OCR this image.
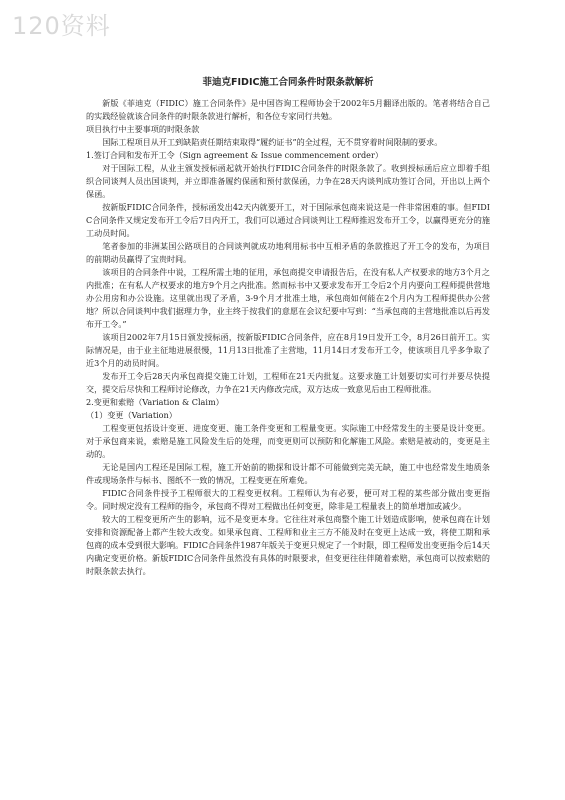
120资料
菲迪克FIDIC施工合同条件时限条款解析

新版《菲迪克（FIDIC）施工合同条件》是中国咨询工程师协会于2002年5月翻译出版的。笔者将结合自己的实践经验就该合同条件的时限条款进行解析，和各位专家同行共勉。

项目执行中主要事项的时限条款

国际工程项目从开工到缺陷责任期结束取得“履约证书”的全过程，无不贯穿着时间限制的要求。

1.签订合同和发布开工令（Sign agreement & Issue commencement order）

对于国际工程，从业主颁发授标函起就开始执行FIDIC合同条件的时限条款了。收到授标函后应立即着手组织合同谈判人员出国谈判，并立即准备履约保函和预付款保函，力争在28天内谈判成功签订合同，开出以上两个保函。

按新版FIDIC合同条件，授标函发出42天内就要开工，对于国际承包商来说这是一件非常困难的事。但FIDIC合同条件又规定发布开工令后7日内开工，我们可以通过合同谈判让工程师推迟发布开工令，以赢得更充分的施工动员时间。

笔者参加的非洲某国公路项目的合同谈判就成功地利用标书中互相矛盾的条款推迟了开工令的发布，为项目的前期动员赢得了宝贵时间。

该项目的合同条件中说，工程所需土地的征用，承包商提交申请报告后，在没有私人产权要求的地方3个月之内批准；在有私人产权要求的地方9个月之内批准。然而标书中又要求发布开工令后2个月内要向工程师提供营地办公用房和办公设施。这里就出现了矛盾，3-9个月才批准土地，承包商如何能在2个月内为工程师提供办公营地？所以合同谈判中我们据理力争，业主终于按我们的意愿在会议纪要中写到：“当承包商的主营地批准以后再发布开工令。”

该项目2002年7月15日颁发授标函，按新版FIDIC合同条件，应在8月19日发开工令，8月26日前开工。实际情况是，由于业主征地进展很慢，11月13日批准了主营地，11月14日才发布开工令，使该项目几乎多争取了近3个月的动员时间。

发布开工令后28天内承包商提交施工计划，工程师在21天内批复。这要求施工计划要切实可行并要尽快提交，提交后尽快和工程师讨论修改，力争在21天内修改完成，双方达成一致意见后由工程师批准。

2.变更和索赔（Variation & Claim）

（1）变更（Variation）

工程变更包括设计变更、进度变更、施工条件变更和工程量变更。实际施工中经常发生的主要是设计变更。对于承包商来说，索赔是施工风险发生后的处理，而变更则可以预防和化解施工风险。索赔是被动的，变更是主动的。

无论是国内工程还是国际工程，施工开始前的勘探和设计都不可能做到完美无缺，施工中也经常发生地质条件或现场条件与标书、图纸不一致的情况，工程变更在所难免。

FIDIC合同条件授予工程师很大的工程变更权利。工程师认为有必要，便可对工程的某些部分做出变更指令。同时规定没有工程师的指令，承包商不得对工程做出任何变更，除非是工程量表上的简单增加或减少。

较大的工程变更所产生的影响，远不是变更本身。它往往对承包商整个施工计划造成影响，使承包商在计划安排和资源配备上都产生较大改变。如果承包商、工程师和业主三方不能及时在变更上达成一致，将使工期和承包商的成本受到很大影响。FIDIC合同条件1987年版关于变更只规定了一个时限，即工程师发出变更指令后14天内确定变更价格。新版FIDIC合同条件虽然没有具体的时限要求，但变更往往伴随着索赔，承包商可以按索赔的时限条款去执行。
